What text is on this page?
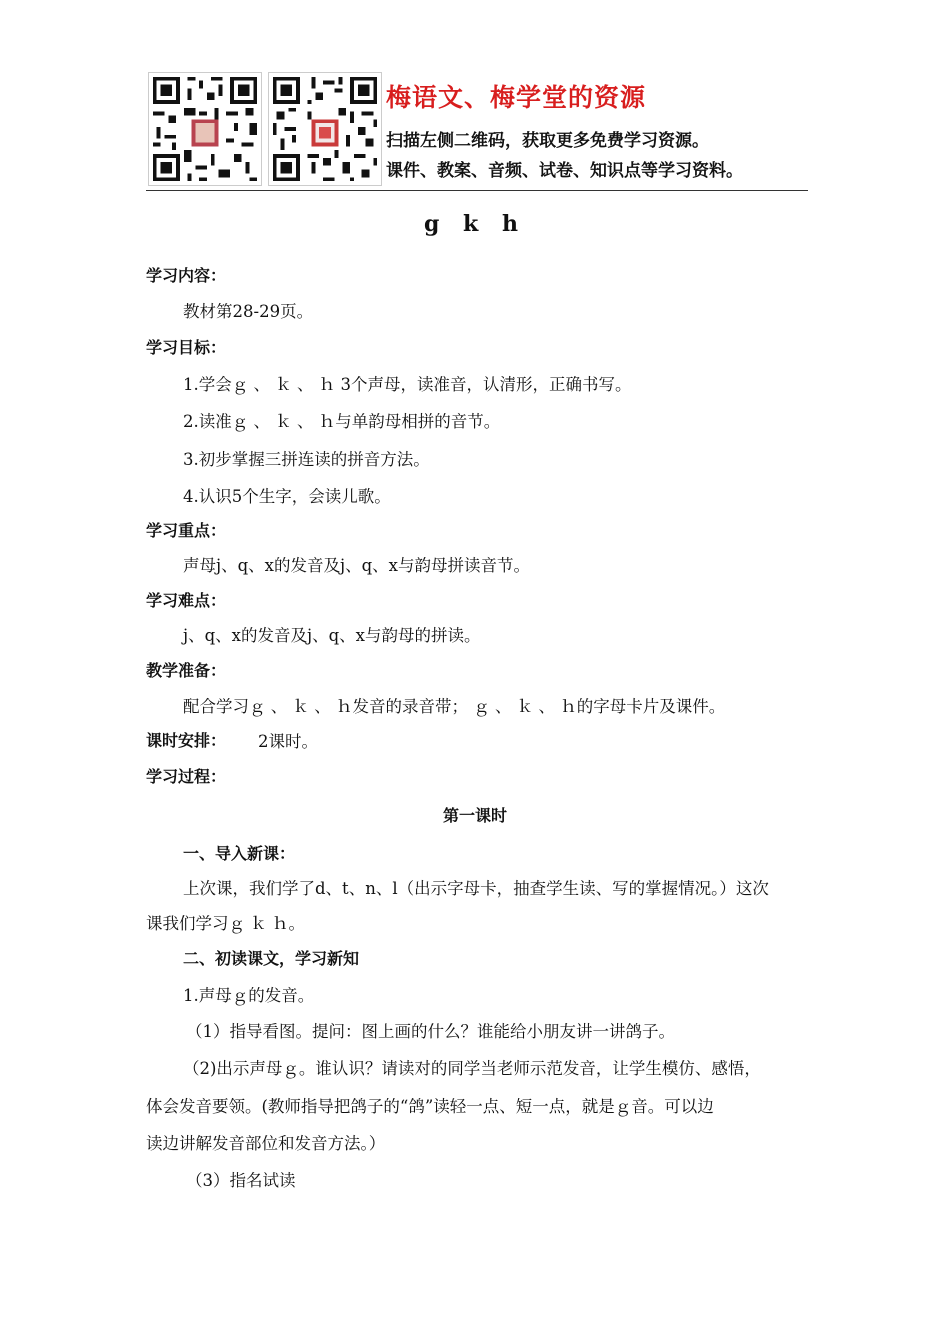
梅语文、梅学堂的资源
扫描左侧二维码，获取更多免费学习资源。
课件、教案、音频、试卷、知识点等学习资料。
g k h
学习内容：
教材第28-29页。
学习目标：
1.学会ｇ 、 ｋ 、 ｈ 3个声母，读准音，认清形，正确书写。
2.读准ｇ 、 ｋ 、 ｈ与单韵母相拼的音节。
3.初步掌握三拼连读的拼音方法。
4.认识5个生字，会读儿歌。
学习重点：
声母j、q、x的发音及j、q、x与韵母拼读音节。
学习难点：
j、q、x的发音及j、q、x与韵母的拼读。
教学准备：
配合学习ｇ 、 ｋ 、 ｈ发音的录音带； ｇ 、 ｋ 、 ｈ的字母卡片及课件。
课时安排： 2课时。
学习过程：
第一课时
一、导入新课：
上次课，我们学了d、t、n、l（出示字母卡，抽查学生读、写的掌握情况。）这次
课我们学习ｇ ｋ ｈ。
二、初读课文，学习新知
1.声母ｇ的发音。
（1）指导看图。提问：图上画的什么？谁能给小朋友讲一讲鸽子。
（2)出示声母ｇ。谁认识？请读对的同学当老师示范发音，让学生模仿、感悟，
体会发音要领。(教师指导把鸽子的“鸽”读轻一点、短一点，就是ｇ音。可以边
读边讲解发音部位和发音方法。）
（3）指名试读
